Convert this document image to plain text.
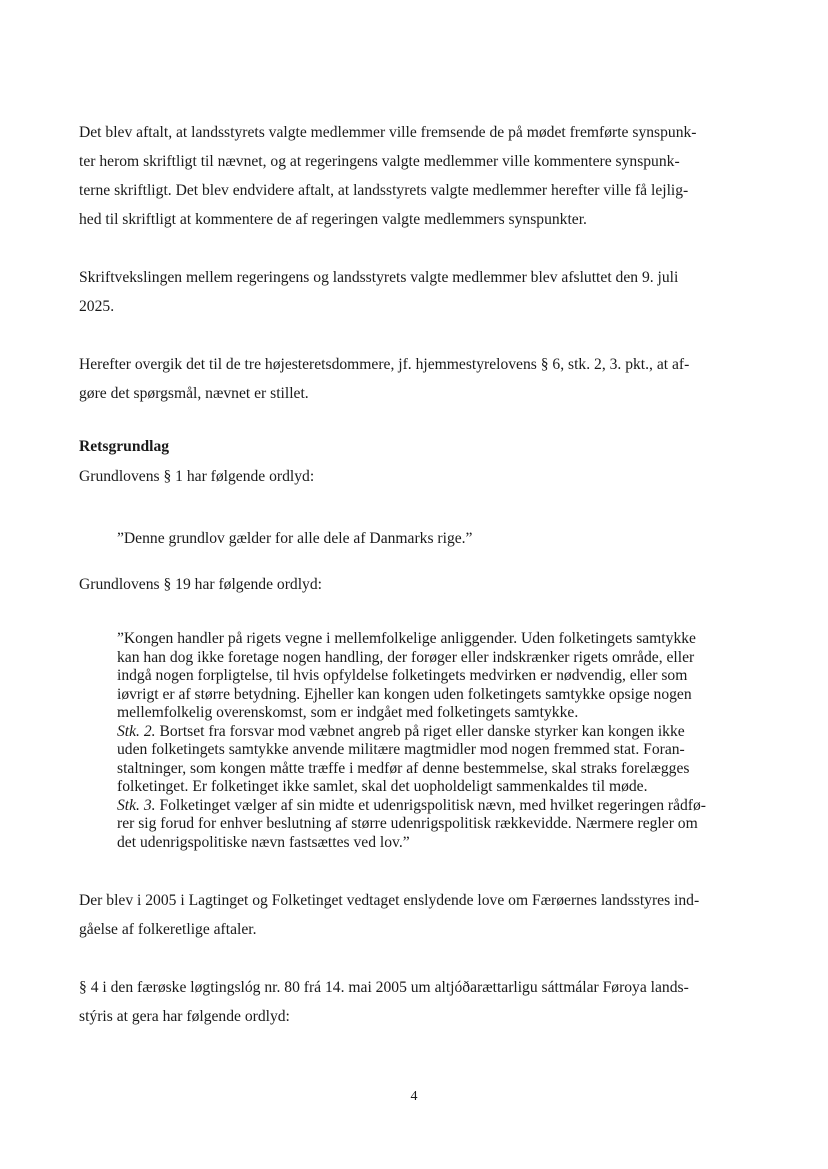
Det blev aftalt, at landsstyrets valgte medlemmer ville fremsende de på mødet fremførte synspunk-
ter herom skriftligt til nævnet, og at regeringens valgte medlemmer ville kommentere synspunk-
terne skriftligt. Det blev endvidere aftalt, at landsstyrets valgte medlemmer herefter ville få lejlig-
hed til skriftligt at kommentere de af regeringen valgte medlemmers synspunkter.
Skriftvekslingen mellem regeringens og landsstyrets valgte medlemmer blev afsluttet den 9. juli
2025.
Herefter overgik det til de tre højesteretsdommere, jf. hjemmestyrelovens § 6, stk. 2, 3. pkt., at af-
gøre det spørgsmål, nævnet er stillet.

Retsgrundlag

Grundlovens § 1 har følgende ordlyd:

”Denne grundlov gælder for alle dele af Danmarks rige.”

Grundlovens § 19 har følgende ordlyd:

”Kongen handler på rigets vegne i mellemfolkelige anliggender. Uden folketingets samtykke
kan han dog ikke foretage nogen handling, der forøger eller indskrænker rigets område, eller
indgå nogen forpligtelse, til hvis opfyldelse folketingets medvirken er nødvendig, eller som
iøvrigt er af større betydning. Ejheller kan kongen uden folketingets samtykke opsige nogen
mellemfolkelig overenskomst, som er indgået med folketingets samtykke.
Stk. 2. Bortset fra forsvar mod væbnet angreb på riget eller danske styrker kan kongen ikke
uden folketingets samtykke anvende militære magtmidler mod nogen fremmed stat. Foran-
staltninger, som kongen måtte træffe i medfør af denne bestemmelse, skal straks forelægges
folketinget. Er folketinget ikke samlet, skal det uopholdeligt sammenkaldes til møde.
Stk. 3. Folketinget vælger af sin midte et udenrigspolitisk nævn, med hvilket regeringen rådfø-
rer sig forud for enhver beslutning af større udenrigspolitisk rækkevidde. Nærmere regler om
det udenrigspolitiske nævn fastsættes ved lov.”
Der blev i 2005 i Lagtinget og Folketinget vedtaget enslydende love om Færøernes landsstyres ind-
gåelse af folkeretlige aftaler.
§ 4 i den færøske løgtingslóg nr. 80 frá 14. mai 2005 um altjóðarættarligu sáttmálar Føroya lands-
stýris at gera har følgende ordlyd:
4
